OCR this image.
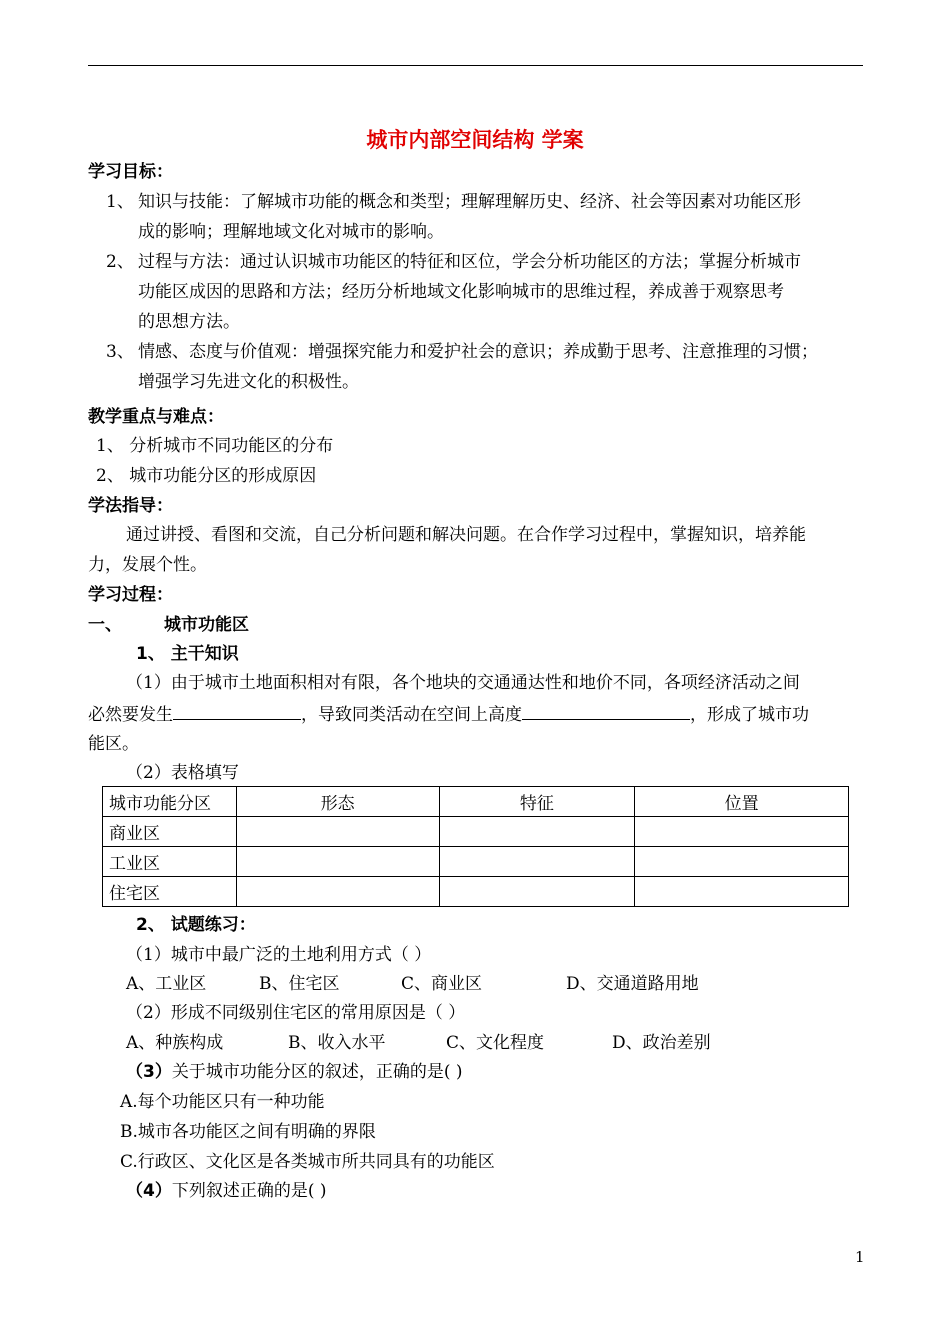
城市内部空间结构 学案
学习目标：
1、 知识与技能：了解城市功能的概念和类型；理解理解历史、经济、社会等因素对功能区形
成的影响；理解地域文化对城市的影响。
2、 过程与方法：通过认识城市功能区的特征和区位，学会分析功能区的方法；掌握分析城市
功能区成因的思路和方法；经历分析地域文化影响城市的思维过程，养成善于观察思考
的思想方法。
3、 情感、态度与价值观：增强探究能力和爱护社会的意识；养成勤于思考、注意推理的习惯；
增强学习先进文化的积极性。
教学重点与难点：
1、 分析城市不同功能区的分布
2、 城市功能分区的形成原因
学法指导：
通过讲授、看图和交流，自己分析问题和解决问题。在合作学习过程中，掌握知识，培养能
力，发展个性。
学习过程：
一、 城市功能区
1、 主干知识
（1）由于城市土地面积相对有限，各个地块的交通通达性和地价不同，各项经济活动之间
必然要发生	，导致同类活动在空间上高度	，形成了城市功
能区。
（2）表格填写
城市功能分区	形态	特征	位置
商业区			
工业区			
住宅区			
2、 试题练习：
（1）城市中最广泛的土地利用方式（ ）
A、工业区	B、住宅区	C、商业区	D、交通道路用地
（2）形成不同级别住宅区的常用原因是（ ）
A、种族构成	B、收入水平	C、文化程度	D、政治差别
（3）关于城市功能分区的叙述，正确的是( )
A.每个功能区只有一种功能
B.城市各功能区之间有明确的界限
C.行政区、文化区是各类城市所共同具有的功能区
（4）下列叙述正确的是( )
1
